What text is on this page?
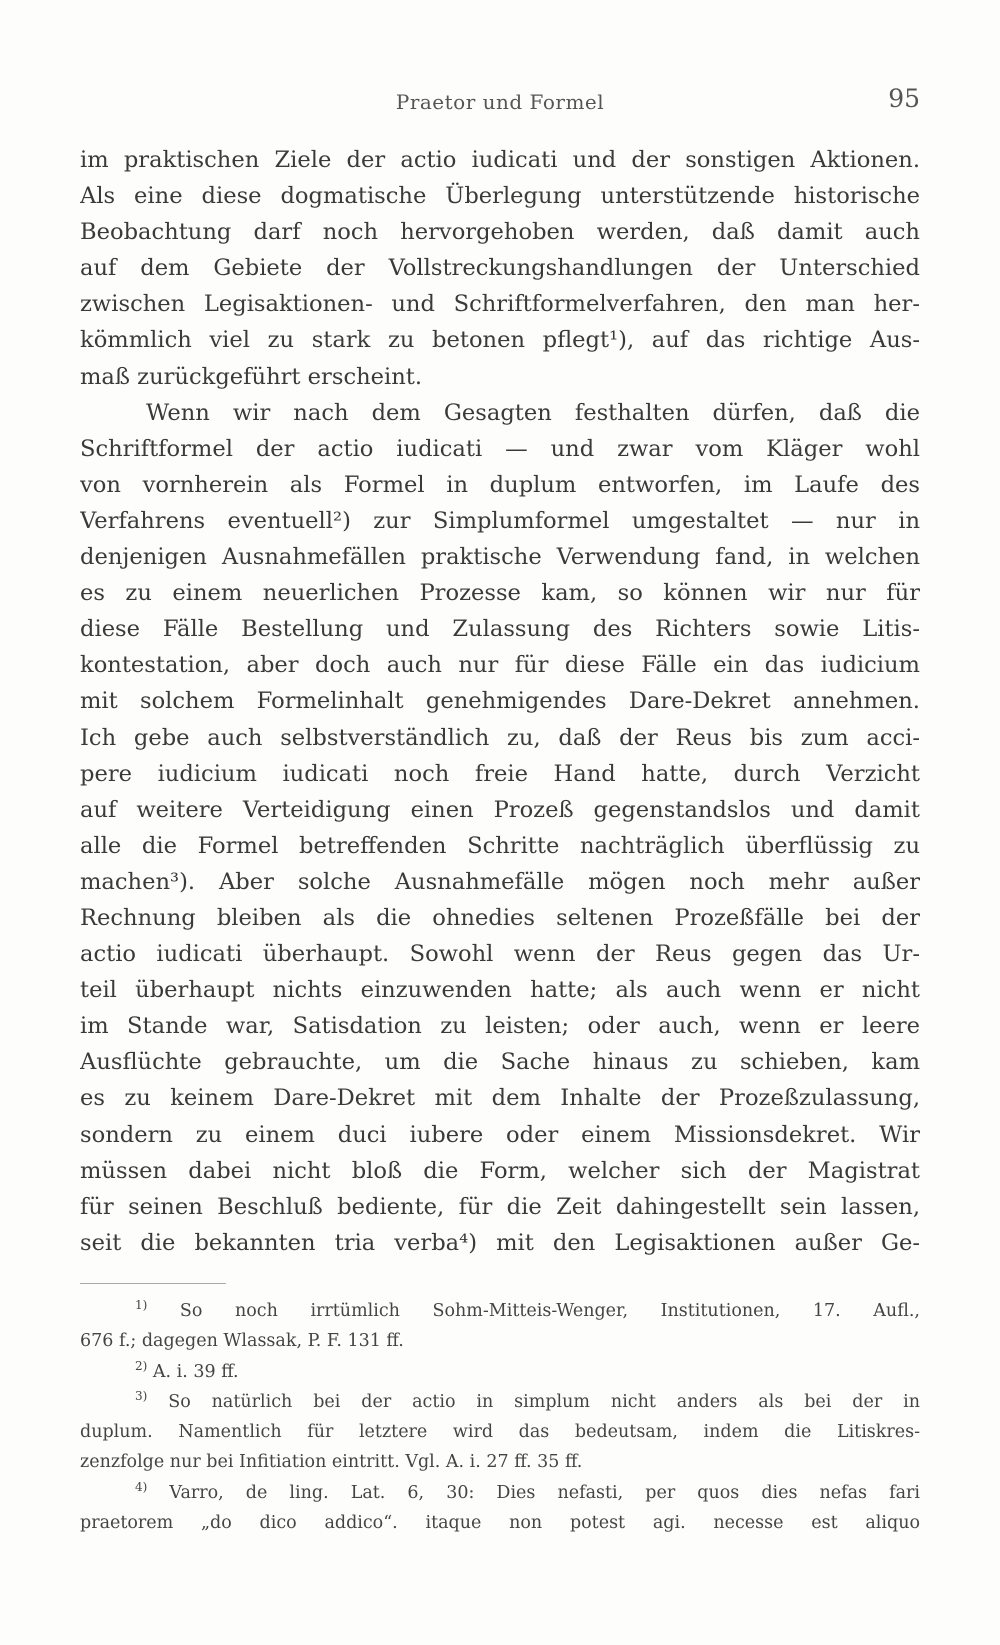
Praetor und Formel	95
im praktischen Ziele der actio iudicati und der sonstigen Aktionen.
Als eine diese dogmatische Überlegung unterstützende historische
Beobachtung darf noch hervorgehoben werden, daß damit auch
auf dem Gebiete der Vollstreckungshandlungen der Unterschied
zwischen Legisaktionen- und Schriftformelverfahren, den man her-
kömmlich viel zu stark zu betonen pflegt¹), auf das richtige Aus-
maß zurückgeführt erscheint.
Wenn wir nach dem Gesagten festhalten dürfen, daß die
Schriftformel der actio iudicati — und zwar vom Kläger wohl
von vornherein als Formel in duplum entworfen, im Laufe des
Verfahrens eventuell²) zur Simplumformel umgestaltet — nur in
denjenigen Ausnahmefällen praktische Verwendung fand, in welchen
es zu einem neuerlichen Prozesse kam, so können wir nur für
diese Fälle Bestellung und Zulassung des Richters sowie Litis-
kontestation, aber doch auch nur für diese Fälle ein das iudicium
mit solchem Formelinhalt genehmigendes Dare-Dekret annehmen.
Ich gebe auch selbstverständlich zu, daß der Reus bis zum acci-
pere iudicium iudicati noch freie Hand hatte, durch Verzicht
auf weitere Verteidigung einen Prozeß gegenstandslos und damit
alle die Formel betreffenden Schritte nachträglich überflüssig zu
machen³). Aber solche Ausnahmefälle mögen noch mehr außer
Rechnung bleiben als die ohnedies seltenen Prozeßfälle bei der
actio iudicati überhaupt. Sowohl wenn der Reus gegen das Ur-
teil überhaupt nichts einzuwenden hatte; als auch wenn er nicht
im Stande war, Satisdation zu leisten; oder auch, wenn er leere
Ausflüchte gebrauchte, um die Sache hinaus zu schieben, kam
es zu keinem Dare-Dekret mit dem Inhalte der Prozeßzulassung,
sondern zu einem duci iubere oder einem Missionsdekret. Wir
müssen dabei nicht bloß die Form, welcher sich der Magistrat
für seinen Beschluß bediente, für die Zeit dahingestellt sein lassen,
seit die bekannten tria verba⁴) mit den Legisaktionen außer Ge-
$^{1)}$ So noch irrtümlich Sohm-Mitteis-Wenger, Institutionen, 17. Aufl.,
676 f.; dagegen Wlassak, P. F. 131 ff.
$^{2)}$ A. i. 39 ff.
$^{3)}$ So natürlich bei der actio in simplum nicht anders als bei der in
duplum. Namentlich für letztere wird das bedeutsam, indem die Litiskres-
zenzfolge nur bei Infitiation eintritt. Vgl. A. i. 27 ff. 35 ff.
$^{4)}$ Varro, de ling. Lat. 6, 30: Dies nefasti, per quos dies nefas fari
praetorem „do dico addico“. itaque non potest agi. necesse est aliquo
